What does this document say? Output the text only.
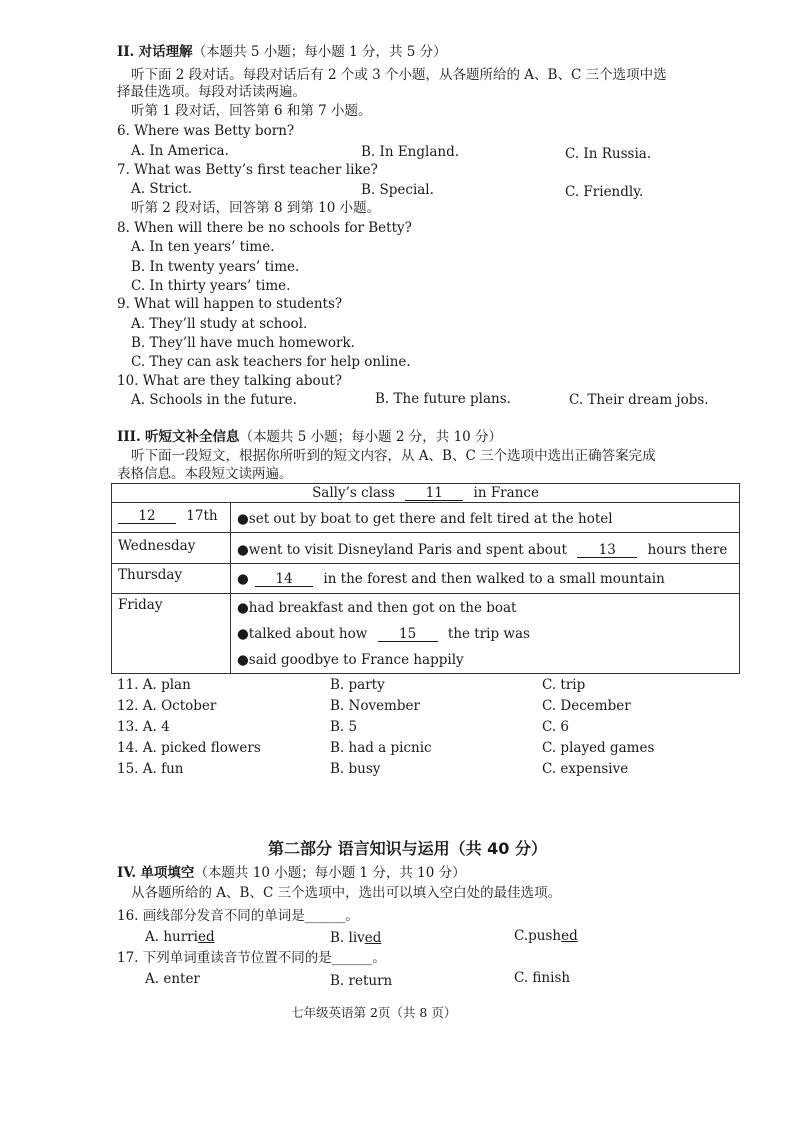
II. 对话理解（本题共 5 小题；每小题 1 分，共 5 分）
听下面 2 段对话。每段对话后有 2 个或 3 个小题，从各题所给的 A、B、C 三个选项中选
择最佳选项。每段对话读两遍。
听第 1 段对话，回答第 6 和第 7 小题。
6. Where was Betty born?
A. In America.	B. In England.	C. In Russia.
7. What was Betty’s first teacher like?
A. Strict.	B. Special.	C. Friendly.
听第 2 段对话，回答第 8 到第 10 小题。
8. When will there be no schools for Betty?
A. In ten years’ time.
B. In twenty years’ time.
C. In thirty years’ time.
9. What will happen to students?
A. They’ll study at school.
B. They’ll have much homework.
C. They can ask teachers for help online.
10. What are they talking about?
A. Schools in the future.	B. The future plans.	C. Their dream jobs.
III. 听短文补全信息（本题共 5 小题；每小题 2 分，共 10 分）
听下面一段短文，根据你所听到的短文内容，从 A、B、C 三个选项中选出正确答案完成
表格信息。本段短文读两遍。
Sally’s class 11 in France	
12 17th	●set out by boat to get there and felt tired at the hotel
Wednesday	●went to visit Disneyland Paris and spent about 13 hours there
Thursday	● 14 in the forest and then walked to a small mountain
Friday	●had breakfast and then got on the boat
●talked about how 15 the trip was
●said goodbye to France happily
11. A. plan	B. party	C. trip
12. A. October	B. November	C. December
13. A. 4	B. 5	C. 6
14. A. picked flowers	B. had a picnic	C. played games
15. A. fun	B. busy	C. expensive
第二部分 语言知识与运用（共 40 分）
IV. 单项填空（本题共 10 小题；每小题 1 分，共 10 分）
从各题所给的 A、B、C 三个选项中，选出可以填入空白处的最佳选项。
16. 画线部分发音不同的单词是______。
A. hurried	B. lived	C.pushed
17. 下列单词重读音节位置不同的是______。
A. enter	B. return	C. finish
七年级英语第 2页（共 8 页）
